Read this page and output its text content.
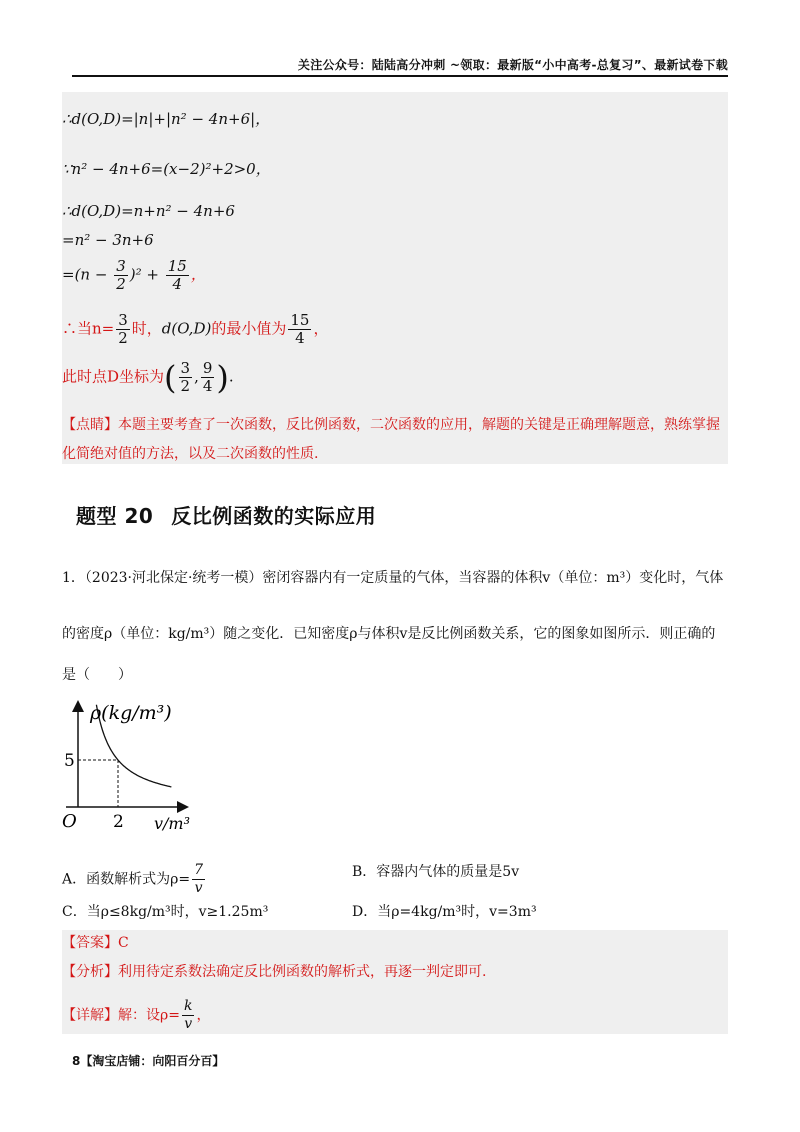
关注公众号：陆陆高分冲刺 ~领取：最新版“小中高考-总复习”、最新试卷下载
∴d(O,D)=|n|+|n² − 4n+6|，
∵n² − 4n+6=(x−2)²+2>0，
∴d(O,D)=n+n² − 4n+6
=n² − 3n+6
$=(n - \frac{3}{2} )^2 + \frac{15}{4}$ ，
∴当$n= \frac{3}{2}$ 时，d(O,D)的最小值为 $\frac{15}{4}$ ，
此时点D坐标为( $\frac{3}{2}$ , $\frac{9}{4}$ ).
【点睛】本题主要考查了一次函数，反比例函数，二次函数的应用，解题的关键是正确理解题意，熟练掌握
化简绝对值的方法，以及二次函数的性质.
题型 20 反比例函数的实际应用
1．（2023·河北保定·统考一模）密闭容器内有一定质量的气体，当容器的体积v（单位：m³）变化时，气体
的密度ρ（单位：kg/m³）随之变化．已知密度ρ与体积v是反比例函数关系，它的图象如图所示．则正确的
是（　　）
ρ(kg/m³)
v/m³
O 2
5
A．函数解析式为$\rho= \frac{7}{v}$	B．容器内气体的质量是5v
C．当ρ≤8kg/m³时，v≥1.25m³	D．当ρ=4kg/m³时，v=3m³
【答案】C
【分析】利用待定系数法确定反比例函数的解析式，再逐一判定即可.
【详解】解：设$\rho= \frac{k}{v}$ ，
8【淘宝店铺：向阳百分百】
